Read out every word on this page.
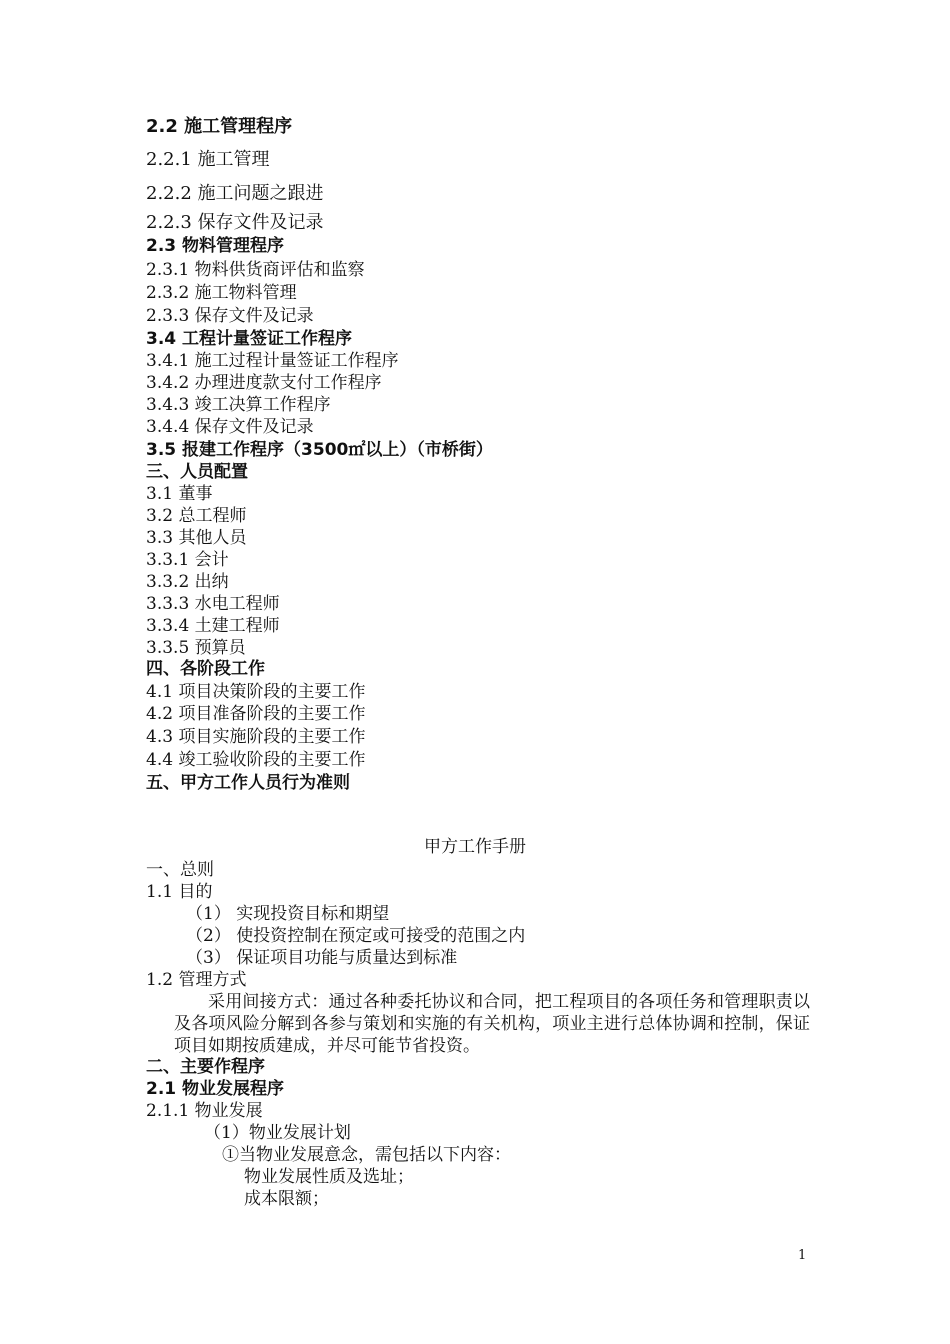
2.2 施工管理程序
2.2.1 施工管理
2.2.2 施工问题之跟进
2.2.3 保存文件及记录
2.3 物料管理程序
2.3.1 物料供货商评估和监察
2.3.2 施工物料管理
2.3.3 保存文件及记录
3.4 工程计量签证工作程序
3.4.1 施工过程计量签证工作程序
3.4.2 办理进度款支付工作程序
3.4.3 竣工决算工作程序
3.4.4 保存文件及记录
3.5 报建工作程序（3500㎡以上）（市桥街）
三、人员配置
3.1 董事
3.2 总工程师
3.3 其他人员
3.3.1 会计
3.3.2 出纳
3.3.3 水电工程师
3.3.4 土建工程师
3.3.5 预算员
四、各阶段工作
4.1 项目决策阶段的主要工作
4.2 项目准备阶段的主要工作
4.3 项目实施阶段的主要工作
4.4 竣工验收阶段的主要工作
五、甲方工作人员行为准则
甲方工作手册
一、总则
1.1 目的
（1） 实现投资目标和期望
（2） 使投资控制在预定或可接受的范围之内
（3） 保证项目功能与质量达到标准
1.2 管理方式
采用间接方式：通过各种委托协议和合同，把工程项目的各项任务和管理职责以及各项风险分解到各参与策划和实施的有关机构，项业主进行总体协调和控制，保证项目如期按质建成，并尽可能节省投资。
二、主要作程序
2.1 物业发展程序
2.1.1 物业发展
（1）物业发展计划
①当物业发展意念，需包括以下内容：
物业发展性质及选址；
成本限额；
1
